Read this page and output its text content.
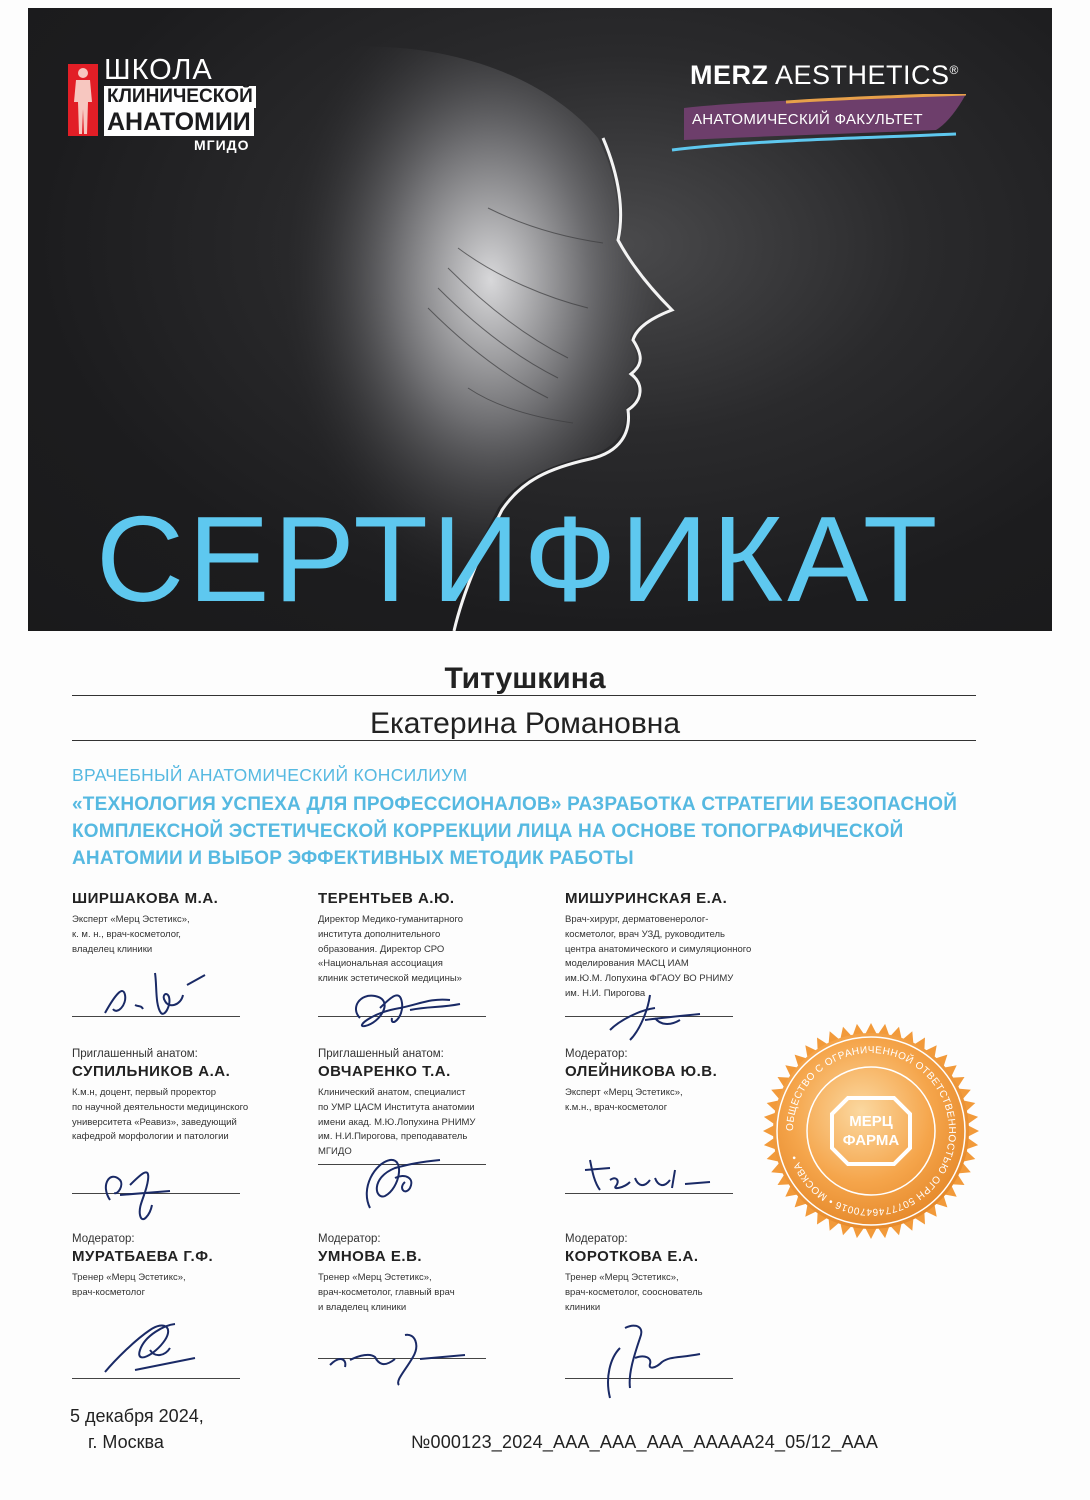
ШКОЛА
КЛИНИЧЕСКОЙ
АНАТОМИИ
МГИДО
MERZ AESTHETICS®
АНАТОМИЧЕСКИЙ ФАКУЛЬТЕТ
СЕРТИФИКАТ
Титушкина
Екатерина Романовна
ВРАЧЕБНЫЙ АНАТОМИЧЕСКИЙ КОНСИЛИУМ
«ТЕХНОЛОГИЯ УСПЕХА ДЛЯ ПРОФЕССИОНАЛОВ» РАЗРАБОТКА СТРАТЕГИИ БЕЗОПАСНОЙ КОМПЛЕКСНОЙ ЭСТЕТИЧЕСКОЙ КОРРЕКЦИИ ЛИЦА НА ОСНОВЕ ТОПОГРАФИЧЕСКОЙ АНАТОМИИ И ВЫБОР ЭФФЕКТИВНЫХ МЕТОДИК РАБОТЫ
ШИРШАКОВА М.А.
Эксперт «Мерц Эстетикс»,
к. м. н., врач-косметолог,
владелец клиники
ТЕРЕНТЬЕВ А.Ю.
Директор Медико-гуманитарного
института дополнительного
образования. Директор СРО
«Национальная ассоциация
клиник эстетической медицины»
МИШУРИНСКАЯ Е.А.
Врач-хирург, дерматовенеролог-
косметолог, врач УЗД, руководитель
центра анатомического и симуляционного
моделирования МАСЦ ИАМ
им.Ю.М. Лопухина ФГАОУ ВО РНИМУ
им. Н.И. Пирогова
Приглашенный анатом:
СУПИЛЬНИКОВ А.А.
К.м.н, доцент, первый проректор
по научной деятельности медицинского
университета «Реавиз», заведующий
кафедрой морфологии и патологии
Приглашенный анатом:
ОВЧАРЕНКО Т.А.
Клинический анатом, специалист
по УМР ЦАСМ Института анатомии
имени акад. М.Ю.Лопухина РНИМУ
им. Н.И.Пирогова, преподаватель
МГИДО
Модератор:
ОЛЕЙНИКОВА Ю.В.
Эксперт «Мерц Эстетикс»,
к.м.н., врач-косметолог
Модератор:
МУРАТБАЕВА Г.Ф.
Тренер «Мерц Эстетикс»,
врач-косметолог
Модератор:
УМНОВА Е.В.
Тренер «Мерц Эстетикс»,
врач-косметолог, главный врач
и владелец клиники
Модератор:
КОРОТКОВА Е.А.
Тренер «Мерц Эстетикс»,
врач-косметолог, сооснователь
клиники
ОБЩЕСТВО С ОГРАНИЧЕННОЙ ОТВЕТСТВЕННОСТЬЮ ОГРН 5077746470016 • МОСКВА •
МЕРЦ
ФАРМА
5 декабря 2024,
г. Москва	№000123_2024_AAA_AAA_AAA_AAAAA24_05/12_AAA
